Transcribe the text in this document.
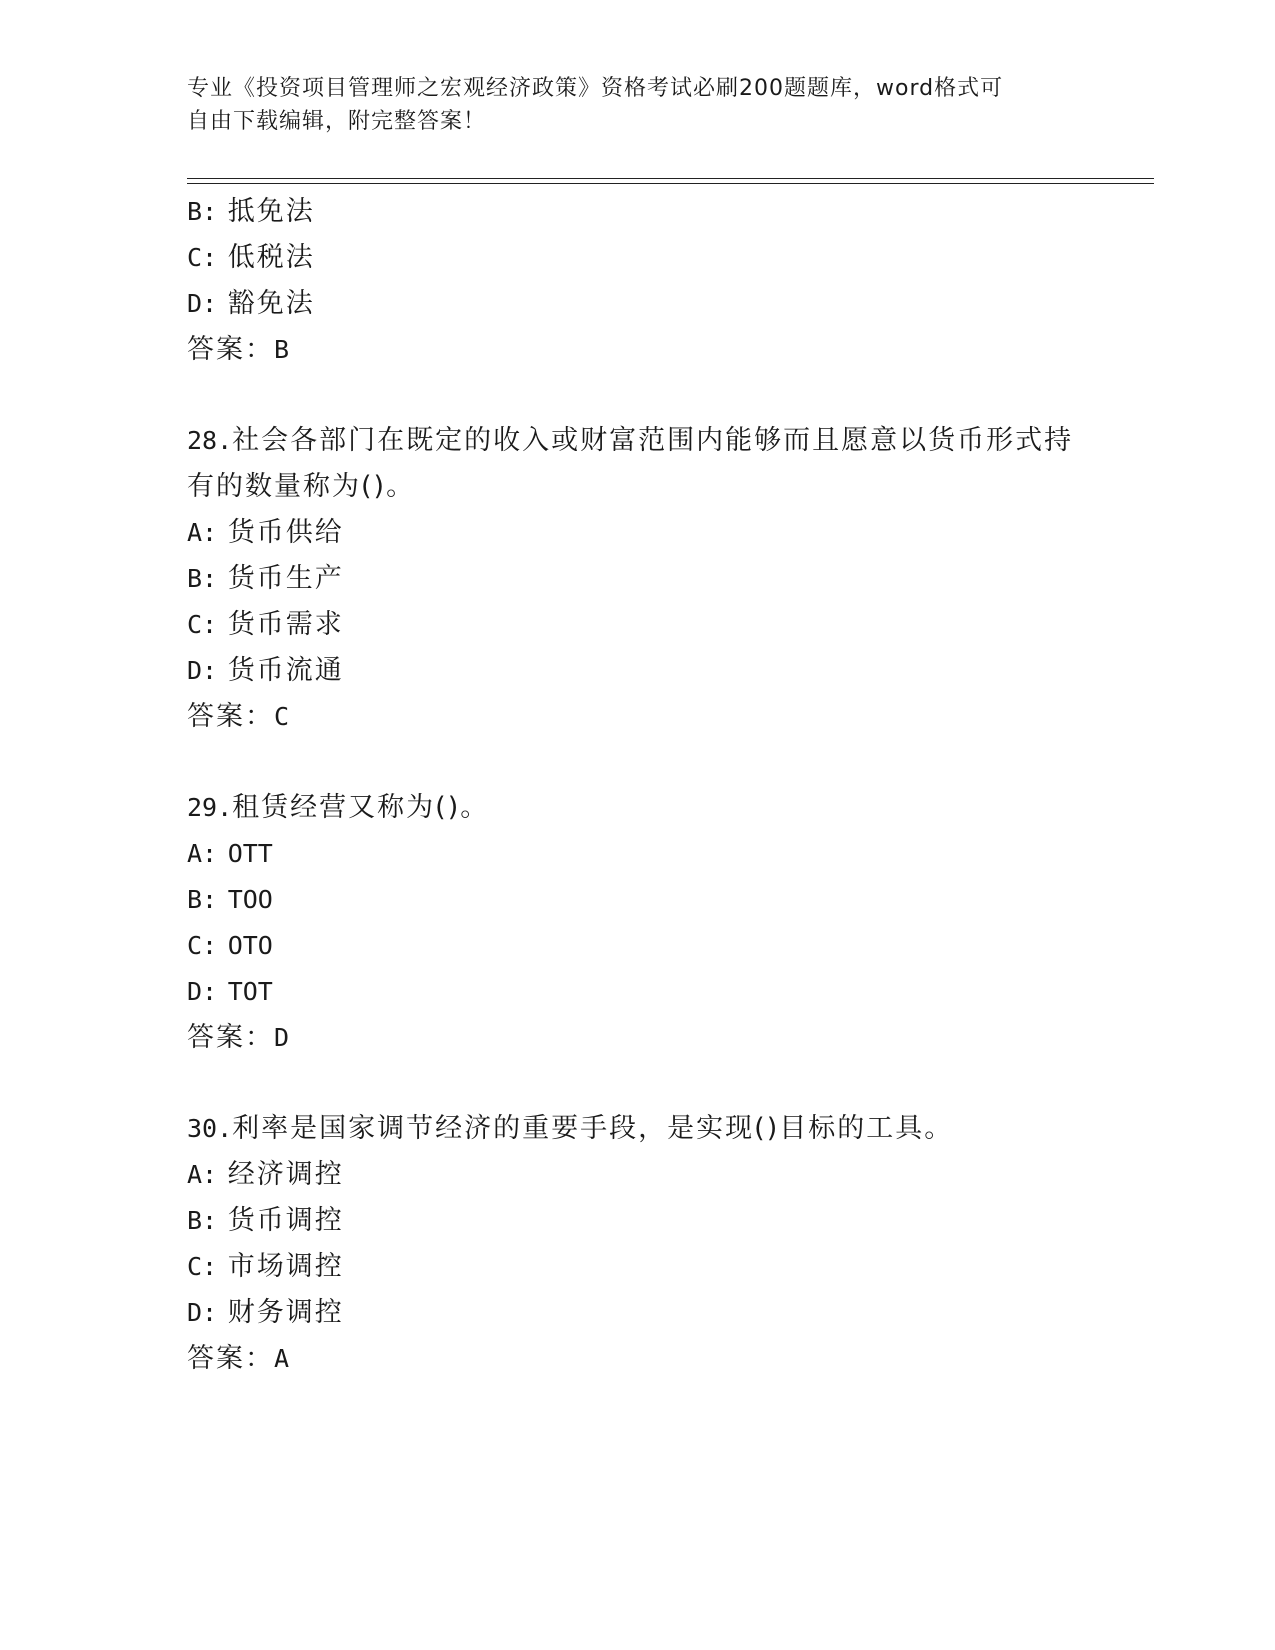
专业《投资项目管理师之宏观经济政策》资格考试必刷200题题库，word格式可
自由下载编辑，附完整答案！

B: 抵免法
C: 低税法
D: 豁免法
答案：B

28.社会各部门在既定的收入或财富范围内能够而且愿意以货币形式持
有的数量称为()。

A: 货币供给
B: 货币生产
C: 货币需求
D: 货币流通
答案：C

29.租赁经营又称为()。

A: OTT
B: TOO
C: OTO
D: TOT
答案：D

30.利率是国家调节经济的重要手段，是实现()目标的工具。

A: 经济调控
B: 货币调控
C: 市场调控
D: 财务调控
答案：A
